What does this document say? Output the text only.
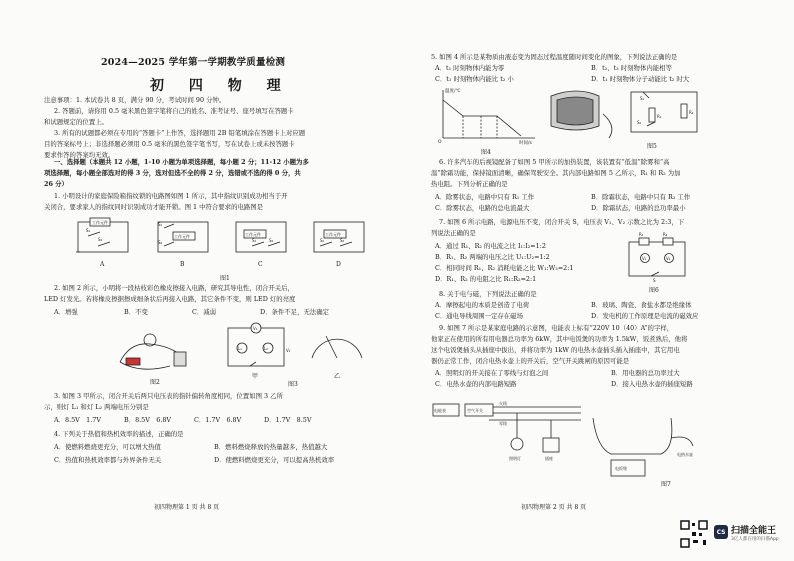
2024—2025 学年第一学期教学质量检测
初 四 物 理
注意事项：1. 本试卷共 8 页，满分 90 分，考试时间 90 分钟。
2. 答题前，请你用 0.5 毫米黑色签字笔将自己的姓名、准考证号、座号填写在答题卡
和试题规定的位置上。
3. 所有的试题都必须在专用的“答题卡”上作答，选择题用 2B 铅笔填涂在答题卡上对应题
目的答案标号上；非选择题必须用 0.5 毫米的黑色签字笔书写，写在试卷上或未按答题卡
要求作答的答案均无效。
一、选择题（本题共 12 小题，1-10 小题为单项选择题，每小题 2 分；11-12 小题为多
项选择题，每小题全部选对的得 3 分，选对但选不全的得 2 分，选错或不选的得 0 分，共
26 分）
1. 小明设计的家庭保险箱指纹锁的电路图如图 1 所示，其中指纹识别成功相当于开
关闭合，要求家人的指纹同时识别成功才能开锁。图 1 中符合要求的电路图是
工作元件
工作元件	工作元件	工作元件
S₁
S₂
S₁
S₂	S₁	S₂	S₁	S₂
A	B	C	D
图1
2. 如图 2 所示，小明将一段枯枝彩色橡皮擦接入电路，研究其导电性，闭合开关后，
LED 灯发光。若将橡皮擦据擦成细条状后再接入电路，其它条件不变，则 LED 灯的亮度
A．增强	B．不变	C．减弱	D．条件不足，无法确定
图2
V₁
L₁	L₂	V₂
甲	乙
图3
3. 如图 3 甲所示，闭合开关后两只电压表的指针偏转角度相同，位置如图 3 乙所
示，则灯 L₁ 和灯 L₂ 两端电压分别是
A．8.5V　1.7V	B．8.5V　6.8V	C．1.7V　6.8V	D．1.7V　8.5V
4. 下列关于热值和热机效率的描述，正确的是
A．使燃料燃烧更充分，可以增大热值	B．燃料燃烧释放的热量越多，热值越大
C．热值和热机效率都与外界条件无关	D．使燃料燃烧更充分，可以提高热机效率
初四物理第 1 页 共 8 页
5. 如图 4 所示是某物质由液态变为固态过程温度随时间变化的图象，下列说法正确的是
A．t₁ 时刻物体内能为零	B．t₂、t₃ 时刻物体内能相等
C．t₁ 时刻物体内能比 t₂ 小	D．t₁ 时刻物体分子动能比 t₂ 时大
温度/℃
时间/s
O
图4
S₁
S₂
R₁
R₂
图5
6. 许多汽车的后视镜配备了如图 5 甲所示的加热装置，该装置有“低温”除雾和“高
温”除霜功能，保持镜面清晰，确保驾驶安全。其内部电路如图 5 乙所示，R₁ 和 R₂ 为加
热电阻。下列分析正确的是
A．除雾状态，电路中只有 R₁ 工作	B．除霜状态，电路中只有 R₂ 工作
C．除雾状态，电路的总电流最大	D．除霜状态，电路的总功率最小
7. 如图 6 所示电路，电源电压不变，闭合开关 S，电压表 V₁、V₂ 示数之比为 2:3，下
列说法正确的是
A．通过 R₁、R₂ 的电流之比 I₁:I₂=1:2
B．R₁、R₂ 两端的电压之比 U₁:U₂=1:2
C．相同时间 R₁、R₂ 消耗电能之比 W₁:W₂=2:1
D．R₁、R₂ 的电阻之比 R₁:R₂=2:1
R₁	R₂
V₁	V₂
S
图6
8. 关于电与磁，下列说法正确的是
A．摩擦起电的本质是创造了电荷	B．玻璃、陶瓷、食盐水都是绝缘体
C．通电导线周围一定存在磁场	D．发电机的工作原理是电流的磁效应
9. 如图 7 所示是某家庭电路的示意图，电能表上标有“220V 10（40）A”的字样，
他家正在使用的所有用电器总功率为 6kW，其中电饭煲的功率为 1.5kW，饭煮熟后，他将
这个电饭煲插头从插座中拔出，并将功率为 1kW 的电热水壶插头插入插座中，其它用电
器仍正常工作，闭合电热水壶上的开关后，空气开关跳闸的原因可能是
A．照明灯的开关接在了零线与灯泡之间	B．用电器的总功率过大
C．电热水壶的内部电路短路	D．接入电热水壶的插座短路
电能表	空气开关
火线
零线
照明灯	插座
电饭煲
电热水壶
图7
初四物理第 2 页 共 8 页
CS 扫描全能王
3亿人都在用的扫描App
